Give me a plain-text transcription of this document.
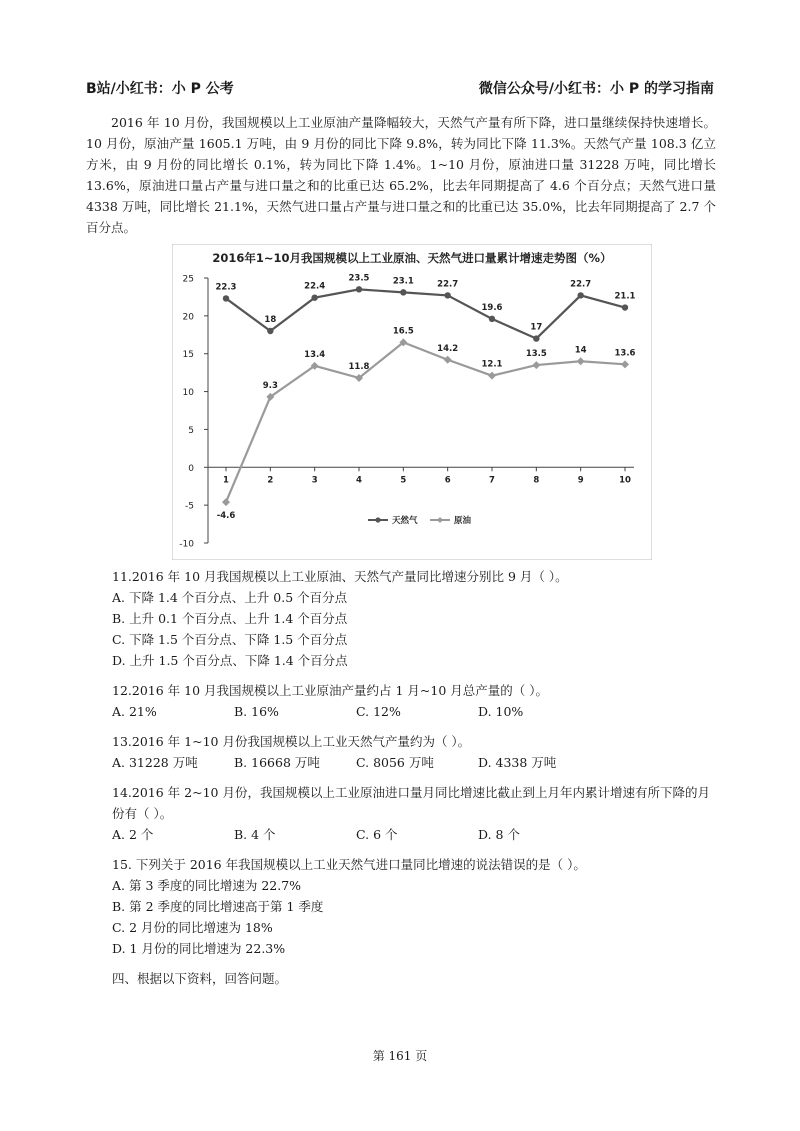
B站/小红书：小 P 公考	微信公众号/小红书：小 P 的学习指南

2016 年 10 月份，我国规模以上工业原油产量降幅较大，天然气产量有所下降，进口量继续保持快速增长。10 月份，原油产量 1605.1 万吨，由 9 月份的同比下降 9.8%，转为同比下降 11.3%。天然气产量 108.3 亿立方米，由 9 月份的同比增长 0.1%，转为同比下降 1.4%。1~10 月份，原油进口量 31228 万吨，同比增长 13.6%，原油进口量占产量与进口量之和的比重已达 65.2%，比去年同期提高了 4.6 个百分点；天然气进口量 4338 万吨，同比增长 21.1%，天然气进口量占产量与进口量之和的比重已达 35.0%，比去年同期提高了 2.7 个百分点。

2016年1~10月我国规模以上工业原油、天然气进口量累计增速走势图（%）
25
20
15
10
5
0
-5
-10
1	2	3	4	5	6	7	8	9	10
22.3
18
22.4
23.5	23.1	22.7
19.6
17
22.7
21.1
-4.6
9.3
13.4
11.8
16.5
14.2
12.1
13.5	14	13.6
天然气	原油

11.2016 年 10 月我国规模以上工业原油、天然气产量同比增速分别比 9 月（ ）。

A. 下降 1.4 个百分点、上升 0.5 个百分点

B. 上升 0.1 个百分点、上升 1.4 个百分点

C. 下降 1.5 个百分点、下降 1.5 个百分点

D. 上升 1.5 个百分点、下降 1.4 个百分点

12.2016 年 10 月我国规模以上工业原油产量约占 1 月~10 月总产量的（ ）。

A. 21%	B. 16%	C. 12%	D. 10%

13.2016 年 1~10 月份我国规模以上工业天然气产量约为（ ）。

A. 31228 万吨	B. 16668 万吨	C. 8056 万吨	D. 4338 万吨

14.2016 年 2~10 月份，我国规模以上工业原油进口量月同比增速比截止到上月年内累计增速有所下降的月份有（ ）。

A. 2 个	B. 4 个	C. 6 个	D. 8 个

15. 下列关于 2016 年我国规模以上工业天然气进口量同比增速的说法错误的是（ ）。

A. 第 3 季度的同比增速为 22.7%

B. 第 2 季度的同比增速高于第 1 季度

C. 2 月份的同比增速为 18%

D. 1 月份的同比增速为 22.3%

四、根据以下资料，回答问题。

第 161 页
